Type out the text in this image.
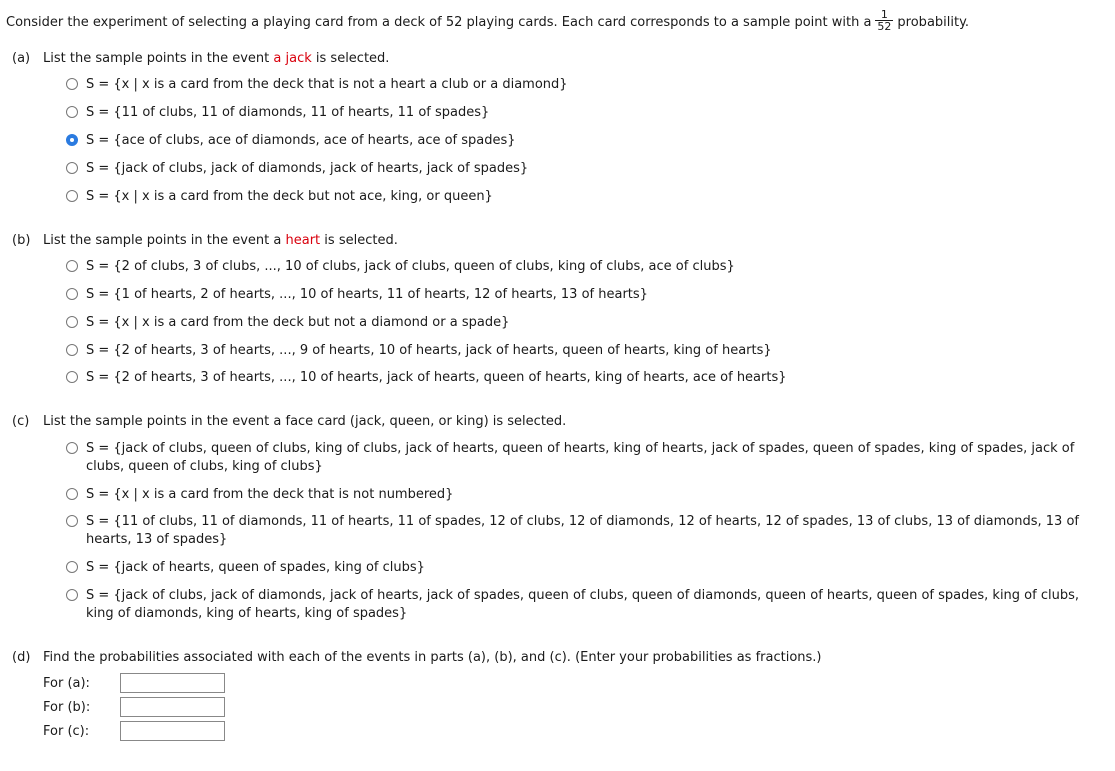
Consider the experiment of selecting a playing card from a deck of 52 playing cards. Each card corresponds to a sample point with a $\frac{1}{52}$ probability.
(a) List the sample points in the event a jack is selected.
S = {x | x is a card from the deck that is not a heart a club or a diamond}
S = {11 of clubs, 11 of diamonds, 11 of hearts, 11 of spades}
S = {ace of clubs, ace of diamonds, ace of hearts, ace of spades}
S = {jack of clubs, jack of diamonds, jack of hearts, jack of spades}
S = {x | x is a card from the deck but not ace, king, or queen}
(b) List the sample points in the event a heart is selected.
S = {2 of clubs, 3 of clubs, ..., 10 of clubs, jack of clubs, queen of clubs, king of clubs, ace of clubs}
S = {1 of hearts, 2 of hearts, ..., 10 of hearts, 11 of hearts, 12 of hearts, 13 of hearts}
S = {x | x is a card from the deck but not a diamond or a spade}
S = {2 of hearts, 3 of hearts, ..., 9 of hearts, 10 of hearts, jack of hearts, queen of hearts, king of hearts}
S = {2 of hearts, 3 of hearts, ..., 10 of hearts, jack of hearts, queen of hearts, king of hearts, ace of hearts}
(c) List the sample points in the event a face card (jack, queen, or king) is selected.
S = {jack of clubs, queen of clubs, king of clubs, jack of hearts, queen of hearts, king of hearts, jack of spades, queen of spades, king of spades, jack of clubs, queen of clubs, king of clubs}
S = {x | x is a card from the deck that is not numbered}
S = {11 of clubs, 11 of diamonds, 11 of hearts, 11 of spades, 12 of clubs, 12 of diamonds, 12 of hearts, 12 of spades, 13 of clubs, 13 of diamonds, 13 of hearts, 13 of spades}
S = {jack of hearts, queen of spades, king of clubs}
S = {jack of clubs, jack of diamonds, jack of hearts, jack of spades, queen of clubs, queen of diamonds, queen of hearts, queen of spades, king of clubs, king of diamonds, king of hearts, king of spades}
(d) Find the probabilities associated with each of the events in parts (a), (b), and (c). (Enter your probabilities as fractions.)
For (a):
For (b):
For (c):
